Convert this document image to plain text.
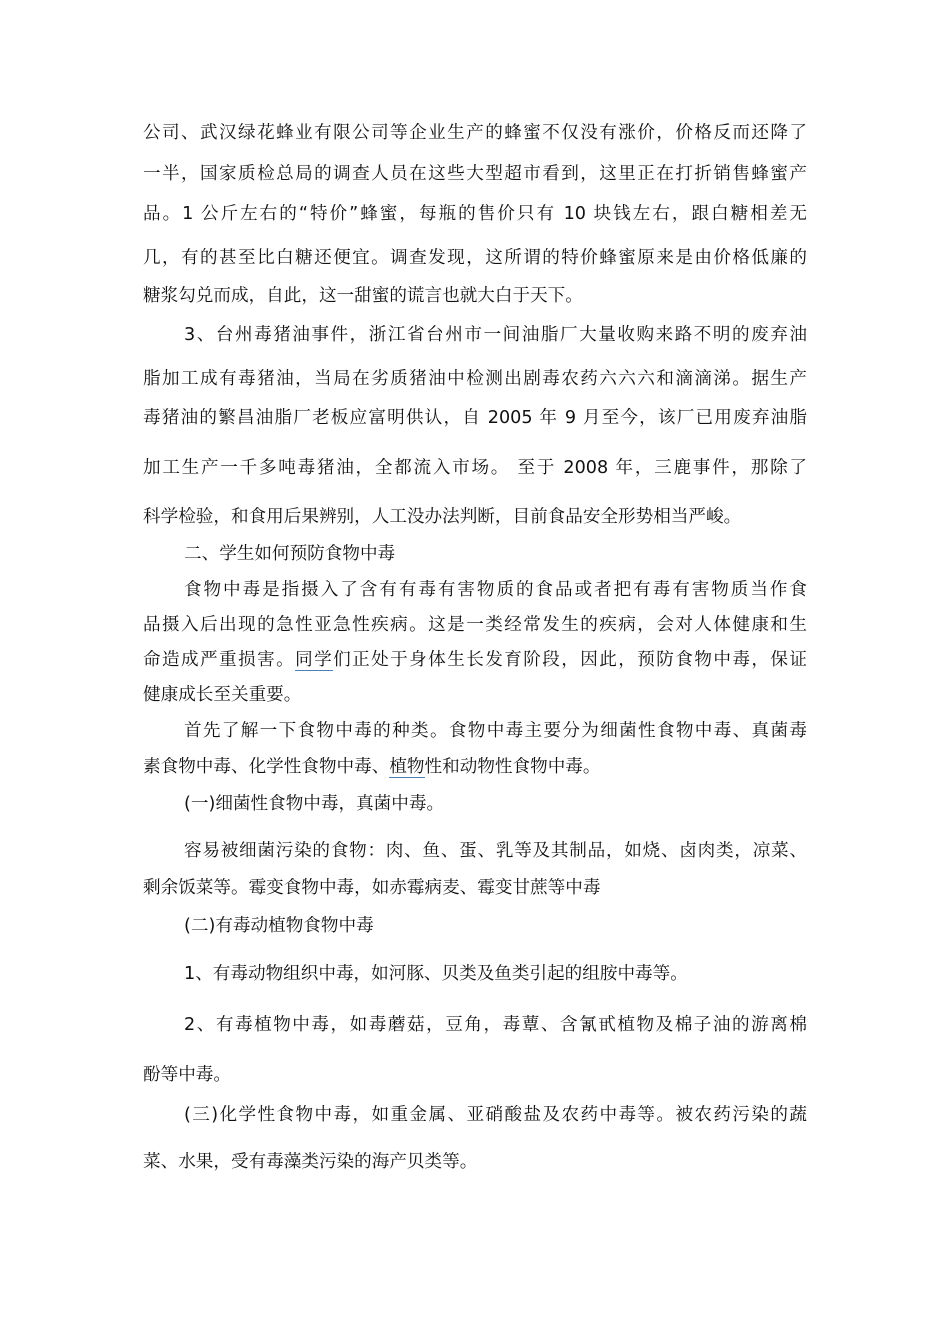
公司、武汉绿花蜂业有限公司等企业生产的蜂蜜不仅没有涨价，价格反而还降了

一半，国家质检总局的调查人员在这些大型超市看到，这里正在打折销售蜂蜜产

品。1 公斤左右的“特价”蜂蜜，每瓶的售价只有 10 块钱左右，跟白糖相差无

几，有的甚至比白糖还便宜。调查发现，这所谓的特价蜂蜜原来是由价格低廉的

糖浆勾兑而成，自此，这一甜蜜的谎言也就大白于天下。

3、台州毒猪油事件，浙江省台州市一间油脂厂大量收购来路不明的废弃油

脂加工成有毒猪油，当局在劣质猪油中检测出剧毒农药六六六和滴滴涕。据生产

毒猪油的繁昌油脂厂老板应富明供认，自 2005 年 9 月至今，该厂已用废弃油脂

加工生产一千多吨毒猪油，全都流入市场。 至于 2008 年，三鹿事件，那除了

科学检验，和食用后果辨别，人工没办法判断，目前食品安全形势相当严峻。

二、学生如何预防食物中毒

食物中毒是指摄入了含有有毒有害物质的食品或者把有毒有害物质当作食

品摄入后出现的急性亚急性疾病。这是一类经常发生的疾病，会对人体健康和生

命造成严重损害。同学们正处于身体生长发育阶段，因此，预防食物中毒，保证

健康成长至关重要。

首先了解一下食物中毒的种类。食物中毒主要分为细菌性食物中毒、真菌毒

素食物中毒、化学性食物中毒、植物性和动物性食物中毒。

(一)细菌性食物中毒，真菌中毒。

容易被细菌污染的食物：肉、鱼、蛋、乳等及其制品，如烧、卤肉类，凉菜、

剩余饭菜等。霉变食物中毒，如赤霉病麦、霉变甘蔗等中毒

(二)有毒动植物食物中毒

1、有毒动物组织中毒，如河豚、贝类及鱼类引起的组胺中毒等。

2、有毒植物中毒，如毒蘑菇，豆角，毒蕈、含氰甙植物及棉子油的游离棉

酚等中毒。

(三)化学性食物中毒，如重金属、亚硝酸盐及农药中毒等。被农药污染的蔬

菜、水果，受有毒藻类污染的海产贝类等。
